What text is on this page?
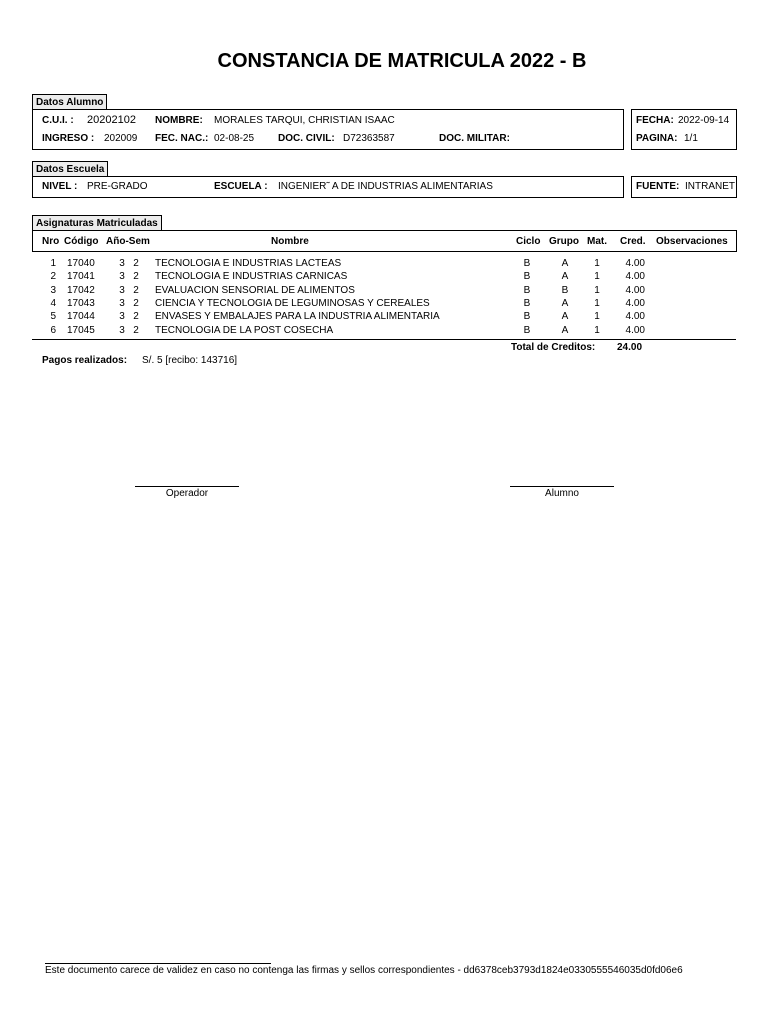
CONSTANCIA DE MATRICULA 2022 - B
Datos Alumno
C.U.I. : 20202102 NOMBRE: MORALES TARQUI, CHRISTIAN ISAAC
INGRESO : 202009 FEC. NAC.: 02-08-25 DOC. CIVIL: D72363587	DOC. MILITAR:
FECHA: 2022-09-14
PAGINA: 1/1
Datos Escuela
NIVEL : PRE-GRADO	ESCUELA : INGENIER˜ A DE INDUSTRIAS ALIMENTARIAS	FUENTE: INTRANET
Asignaturas Matriculadas
Nro Código Año-Sem	Nombre	Ciclo Grupo Mat. Cred. Observaciones
1 17040	3 2 TECNOLOGIA E INDUSTRIAS LACTEAS	B	A	1	4.00
2 17041	3 2 TECNOLOGIA E INDUSTRIAS CARNICAS	B	A	1	4.00
3 17042	3 2 EVALUACION SENSORIAL DE ALIMENTOS	B	B	1	4.00
4 17043	3 2 CIENCIA Y TECNOLOGIA DE LEGUMINOSAS Y CEREALES	B	A	1	4.00
5 17044	3 2 ENVASES Y EMBALAJES PARA LA INDUSTRIA ALIMENTARIA	B	A	1	4.00
6 17045	3 2 TECNOLOGIA DE LA POST COSECHA	B	A	1	4.00
Total de Creditos: 24.00
Pagos realizados: S/. 5 [recibo: 143716]
Operador	Alumno
Este documento carece de validez en caso no contenga las firmas y sellos correspondientes - dd6378ceb3793d1824e0330555546035d0fd06e6
